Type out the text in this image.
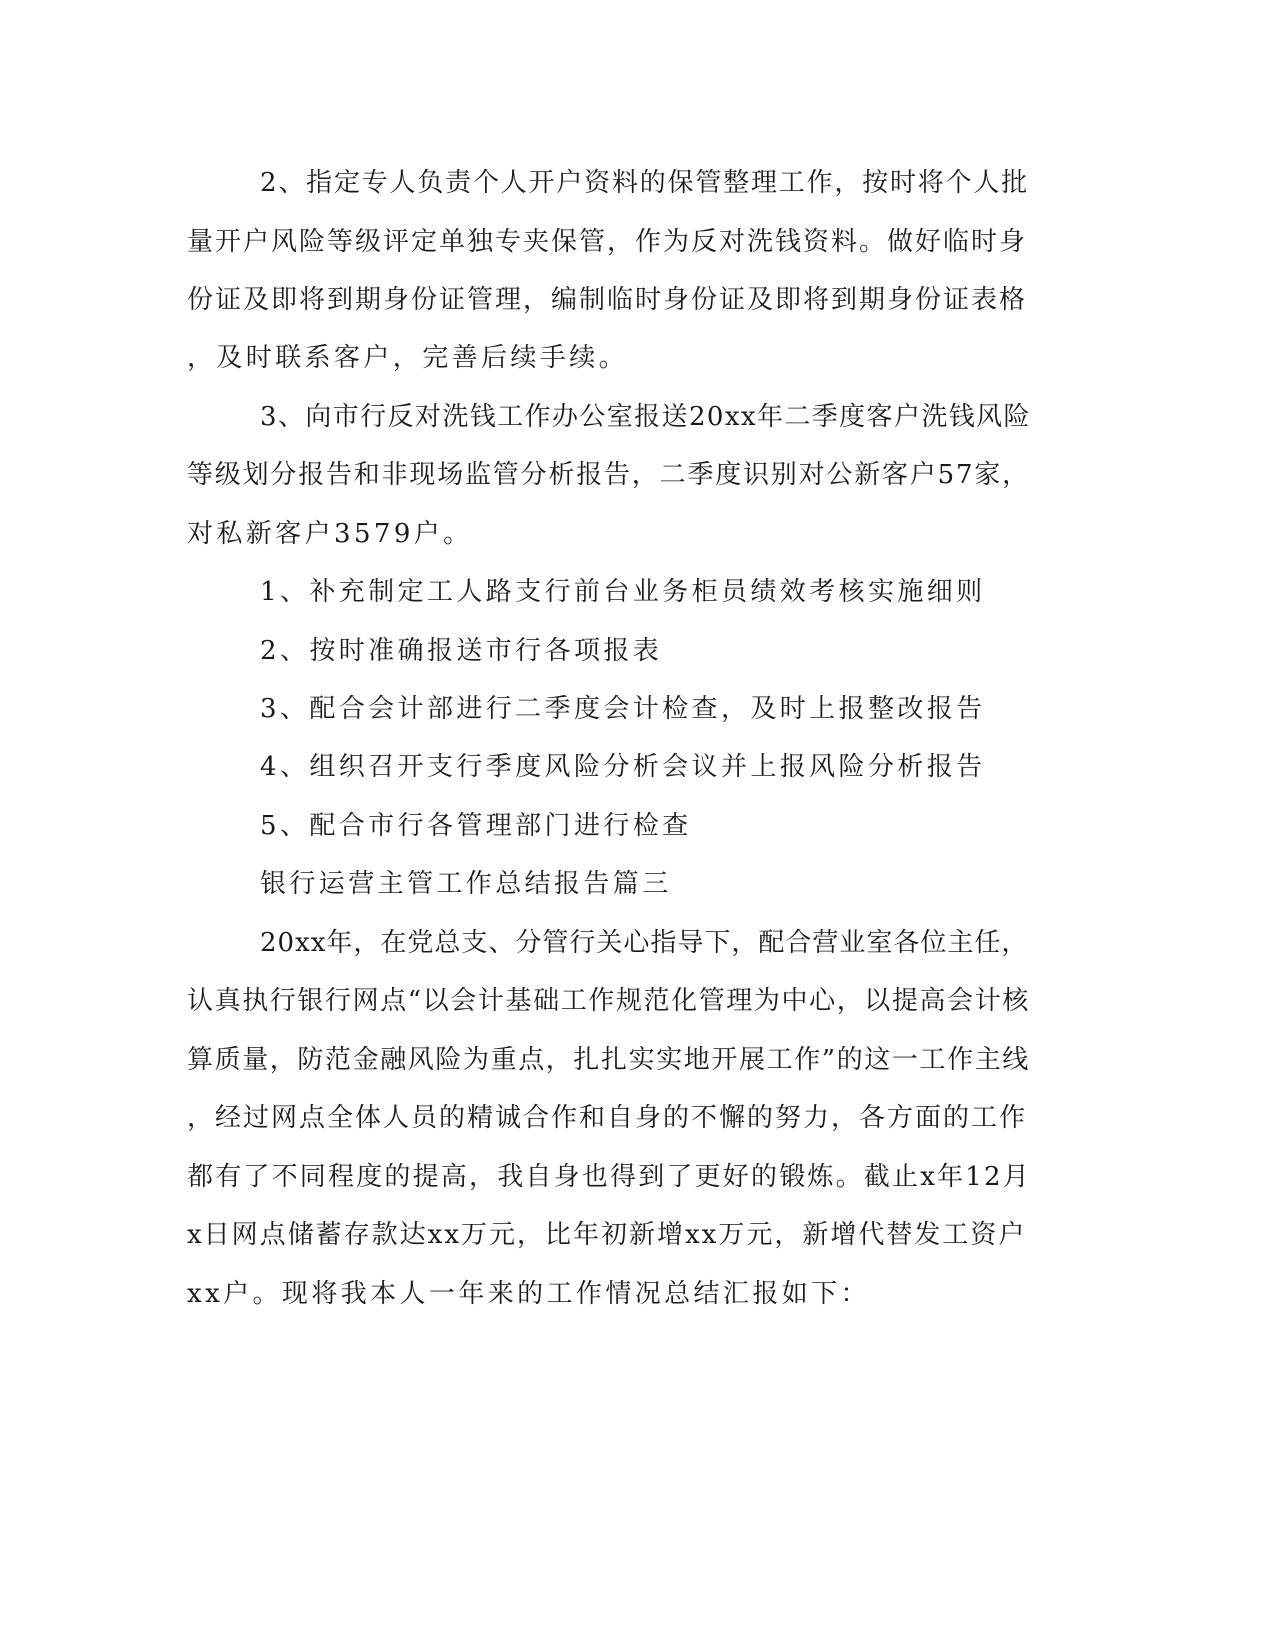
2、指定专人负责个人开户资料的保管整理工作，按时将个人批
量开户风险等级评定单独专夹保管，作为反对洗钱资料。做好临时身
份证及即将到期身份证管理，编制临时身份证及即将到期身份证表格
，及时联系客户，完善后续手续。
3、向市行反对洗钱工作办公室报送20xx年二季度客户洗钱风险
等级划分报告和非现场监管分析报告，二季度识别对公新客户57家，
对私新客户3579户。
1、补充制定工人路支行前台业务柜员绩效考核实施细则
2、按时准确报送市行各项报表
3、配合会计部进行二季度会计检查，及时上报整改报告
4、组织召开支行季度风险分析会议并上报风险分析报告
5、配合市行各管理部门进行检查
银行运营主管工作总结报告篇三
20xx年，在党总支、分管行关心指导下，配合营业室各位主任，
认真执行银行网点“以会计基础工作规范化管理为中心，以提高会计核
算质量，防范金融风险为重点，扎扎实实地开展工作”的这一工作主线
，经过网点全体人员的精诚合作和自身的不懈的努力，各方面的工作
都有了不同程度的提高，我自身也得到了更好的锻炼。截止x年12月
x日网点储蓄存款达xx万元，比年初新增xx万元，新增代替发工资户
xx户。现将我本人一年来的工作情况总结汇报如下：
